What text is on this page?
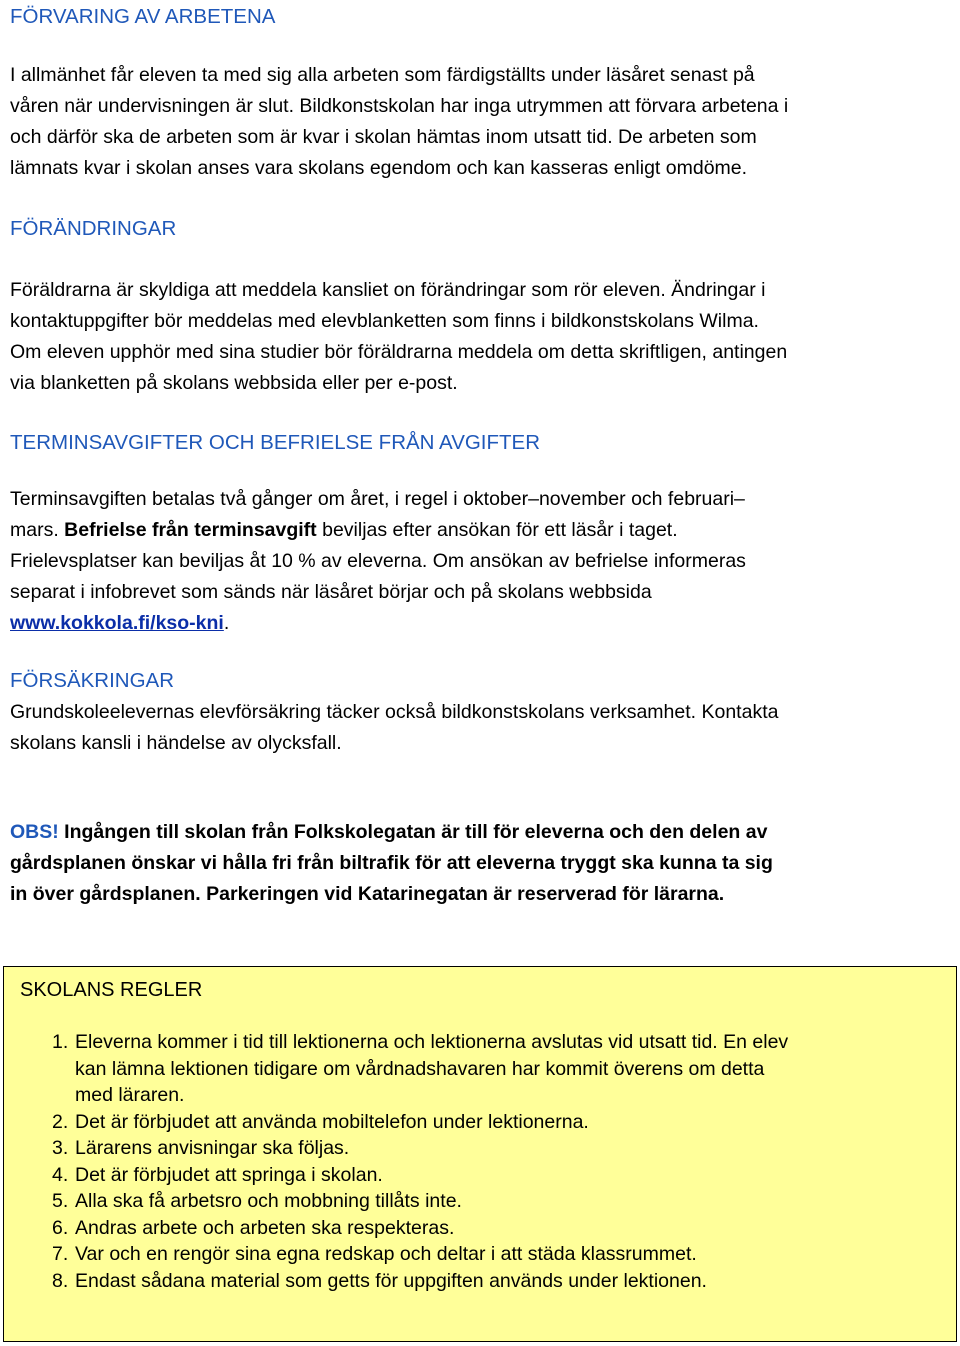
FÖRVARING AV ARBETENA

I allmänhet får eleven ta med sig alla arbeten som färdigställts under läsåret senast på

våren när undervisningen är slut. Bildkonstskolan har inga utrymmen att förvara arbetena i

och därför ska de arbeten som är kvar i skolan hämtas inom utsatt tid. De arbeten som

lämnats kvar i skolan anses vara skolans egendom och kan kasseras enligt omdöme.

FÖRÄNDRINGAR

Föräldrarna är skyldiga att meddela kansliet on förändringar som rör eleven. Ändringar i

kontaktuppgifter bör meddelas med elevblanketten som finns i bildkonstskolans Wilma.

Om eleven upphör med sina studier bör föräldrarna meddela om detta skriftligen, antingen

via blanketten på skolans webbsida eller per e-post.

TERMINSAVGIFTER OCH BEFRIELSE FRÅN AVGIFTER

Terminsavgiften betalas två gånger om året, i regel i oktober–november och februari–

mars. Befrielse från terminsavgift beviljas efter ansökan för ett läsår i taget.

Frielevsplatser kan beviljas åt 10 % av eleverna. Om ansökan av befrielse informeras

separat i infobrevet som sänds när läsåret börjar och på skolans webbsida

www.kokkola.fi/kso-kni.

FÖRSÄKRINGAR

Grundskoleelevernas elevförsäkring täcker också bildkonstskolans verksamhet. Kontakta

skolans kansli i händelse av olycksfall.

OBS! Ingången till skolan från Folkskolegatan är till för eleverna och den delen av

gårdsplanen önskar vi hålla fri från biltrafik för att eleverna tryggt ska kunna ta sig

in över gårdsplanen. Parkeringen vid Katarinegatan är reserverad för lärarna.

SKOLANS REGLER
1. Eleverna kommer i tid till lektionerna och lektionerna avslutas vid utsatt tid. En elev
kan lämna lektionen tidigare om vårdnadshavaren har kommit överens om detta
med läraren.
2. Det är förbjudet att använda mobiltelefon under lektionerna.
3. Lärarens anvisningar ska följas.
4. Det är förbjudet att springa i skolan.
5. Alla ska få arbetsro och mobbning tillåts inte.
6. Andras arbete och arbeten ska respekteras.
7. Var och en rengör sina egna redskap och deltar i att städa klassrummet.
8. Endast sådana material som getts för uppgiften används under lektionen.
